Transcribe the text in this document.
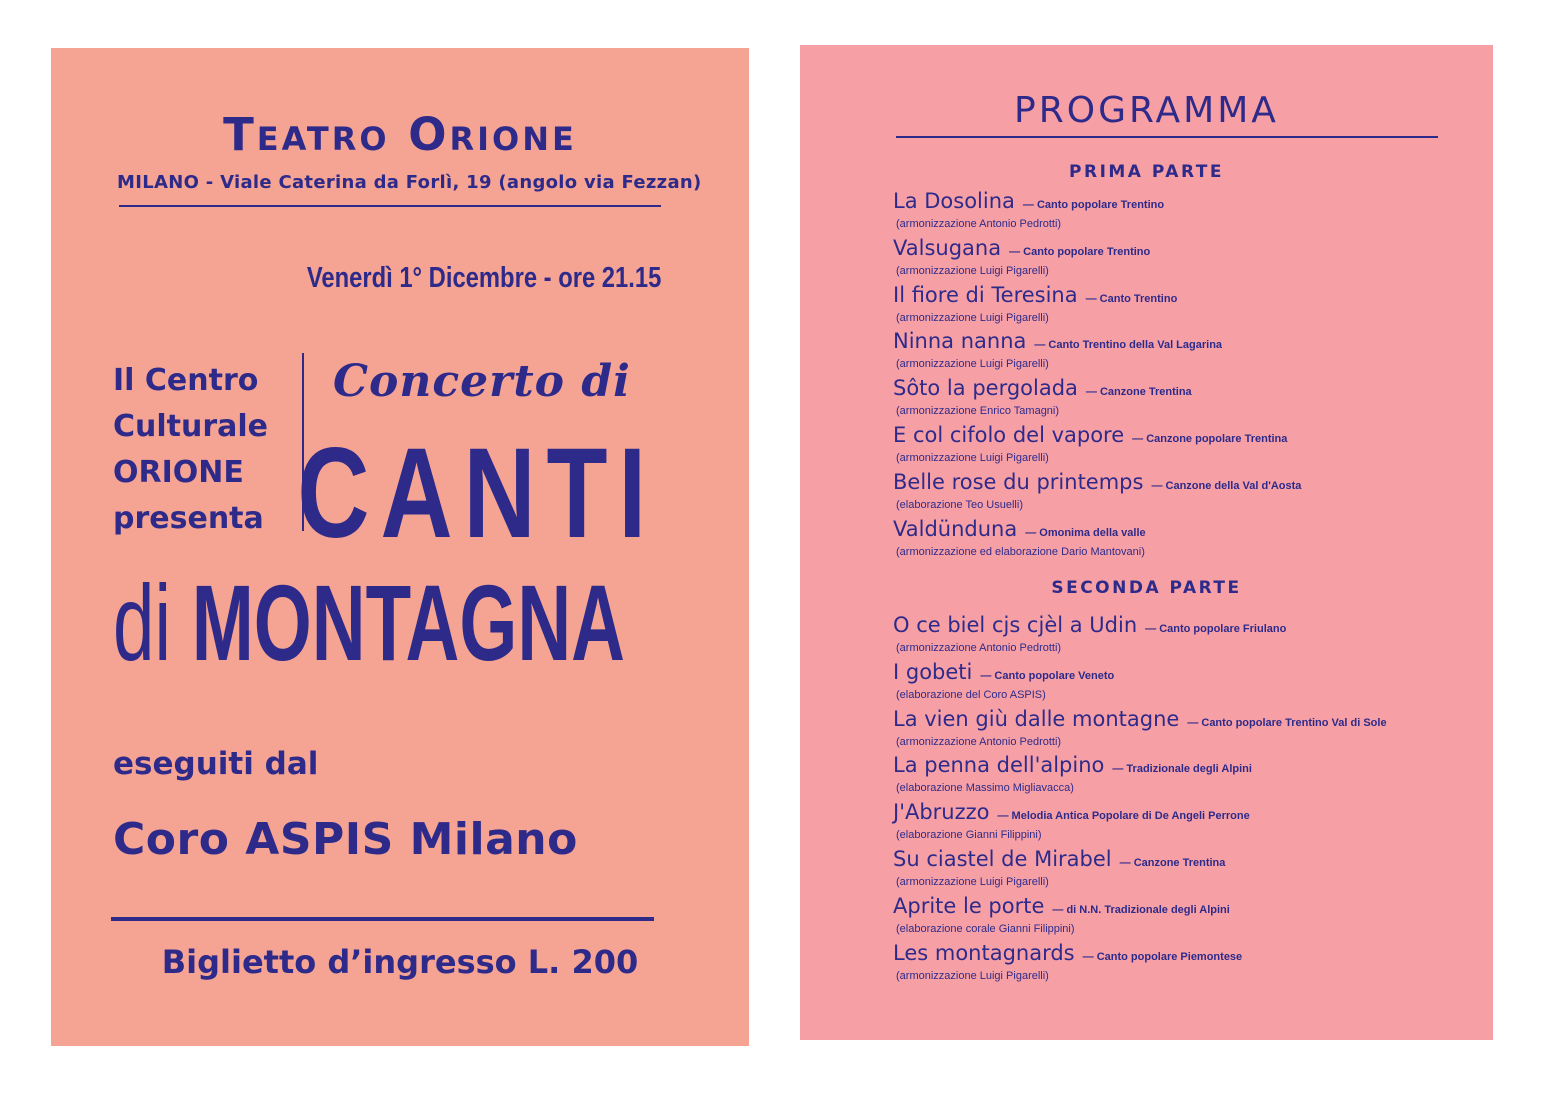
Teatro Orione
MILANO - Viale Caterina da Forlì, 19 (angolo via Fezzan)
Venerdì 1° Dicembre - ore 21.15
Il Centro
Culturale
ORIONE
presenta
Concerto di
CANTI
di MONTAGNA
eseguiti dal
Coro ASPIS Milano
Biglietto d’ingresso L. 200
PROGRAMMA
PRIMA PARTE
La Dosolina — Canto popolare Trentino
(armonizzazione Antonio Pedrotti)
Valsugana — Canto popolare Trentino
(armonizzazione Luigi Pigarelli)
Il fiore di Teresina — Canto Trentino
(armonizzazione Luigi Pigarelli)
Ninna nanna — Canto Trentino della Val Lagarina
(armonizzazione Luigi Pigarelli)
Sôto la pergolada — Canzone Trentina
(armonizzazione Enrico Tamagni)
E col cifolo del vapore — Canzone popolare Trentina
(armonizzazione Luigi Pigarelli)
Belle rose du printemps — Canzone della Val d'Aosta
(elaborazione Teo Usuelli)
Valdünduna — Omonima della valle
(armonizzazione ed elaborazione Dario Mantovani)
SECONDA PARTE
O ce biel cjs cjèl a Udin — Canto popolare Friulano
(armonizzazione Antonio Pedrotti)
I gobeti — Canto popolare Veneto
(elaborazione del Coro ASPIS)
La vien giù dalle montagne — Canto popolare Trentino Val di Sole
(armonizzazione Antonio Pedrotti)
La penna dell'alpino — Tradizionale degli Alpini
(elaborazione Massimo Migliavacca)
J'Abruzzo — Melodia Antica Popolare di De Angeli Perrone
(elaborazione Gianni Filippini)
Su ciastel de Mirabel — Canzone Trentina
(armonizzazione Luigi Pigarelli)
Aprite le porte — di N.N. Tradizionale degli Alpini
(elaborazione corale Gianni Filippini)
Les montagnards — Canto popolare Piemontese
(armonizzazione Luigi Pigarelli)
